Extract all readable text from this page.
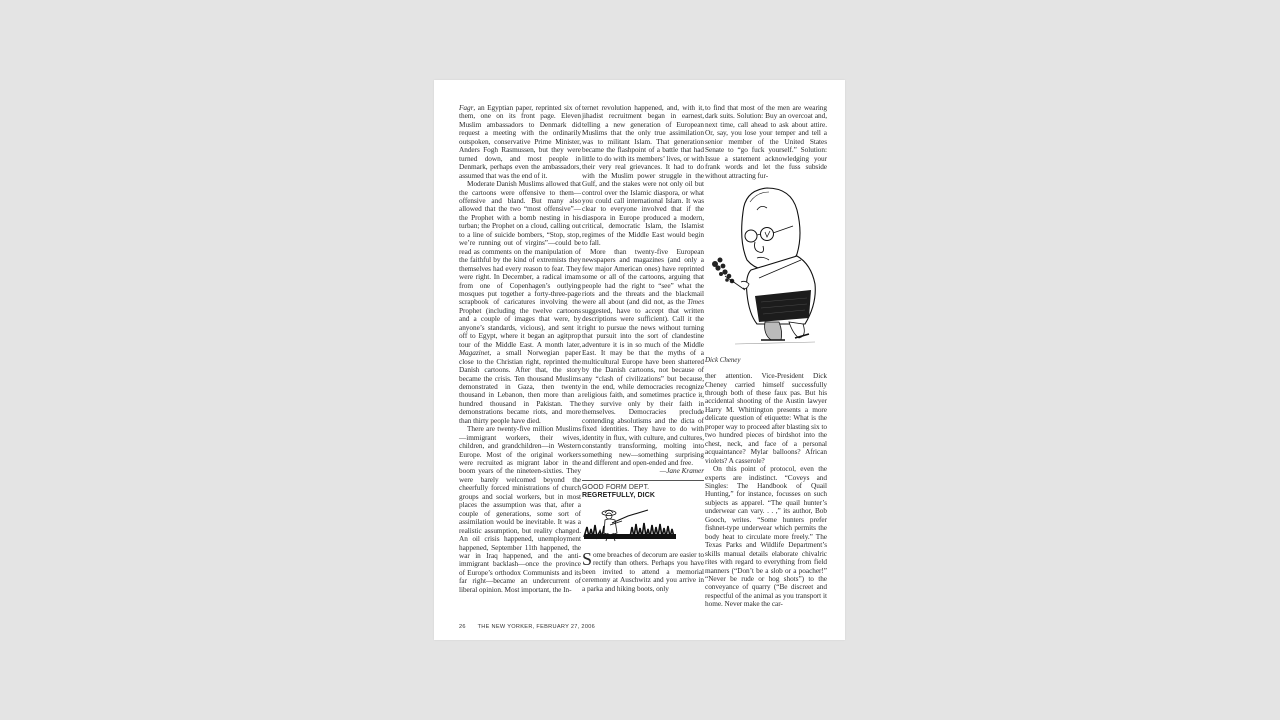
Fagr, an Egyptian paper, reprinted six of them, one on its front page. Eleven Muslim ambassadors to Denmark did request a meeting with the ordinarily outspoken, conservative Prime Minister, Anders Fogh Rasmussen, but they were turned down, and most people in Denmark, perhaps even the ambassadors, assumed that was the end of it.

Moderate Danish Muslims allowed that the cartoons were offensive to them—offensive and bland. But many also allowed that the two “most offensive”—the Prophet with a bomb nesting in his turban; the Prophet on a cloud, calling out to a line of suicide bombers, “Stop, stop, we’re running out of virgins”—could be read as comments on the manipulation of the faithful by the kind of extremists they themselves had every reason to fear. They were right. In December, a radical imam from one of Copenhagen’s outlying mosques put together a forty-three-page scrapbook of caricatures involving the Prophet (including the twelve cartoons and a couple of images that were, by anyone’s standards, vicious), and sent it off to Egypt, where it began an agitprop tour of the Middle East. A month later, Magazinet, a small Norwegian paper close to the Christian right, reprinted the Danish cartoons. After that, the story became the crisis. Ten thousand Muslims demonstrated in Gaza, then twenty thousand in Lebanon, then more than a hundred thousand in Pakistan. The demonstrations became riots, and more than thirty people have died.

There are twenty-five million Muslims—immigrant workers, their wives, children, and grandchildren—in Western Europe. Most of the original workers were recruited as migrant labor in the boom years of the nineteen-sixties. They were barely welcomed beyond the cheerfully forced ministrations of church groups and social workers, but in most places the assumption was that, after a couple of generations, some sort of assimilation would be inevitable. It was a realistic assumption, but reality changed. An oil crisis happened, unemployment happened, September 11th happened, the war in Iraq happened, and the anti-immigrant backlash—once the province of Europe’s orthodox Communists and its far right—became an undercurrent of liberal opinion. Most important, the In-

ternet revolution happened, and, with it, jihadist recruitment began in earnest, telling a new generation of European Muslims that the only true assimilation was to militant Islam. That generation became the flashpoint of a battle that had little to do with its members’ lives, or with their very real grievances. It had to do with the Muslim power struggle in the Gulf, and the stakes were not only oil but control over the Islamic diaspora, or what you could call international Islam. It was clear to everyone involved that if the diaspora in Europe produced a modern, critical, democratic Islam, the Islamist regimes of the Middle East would begin to fall.

More than twenty-five European newspapers and magazines (and only a few major American ones) have reprinted some or all of the cartoons, arguing that people had the right to “see” what the riots and the threats and the blackmail were all about (and did not, as the Times suggested, have to accept that written descriptions were sufficient). Call it the right to pursue the news without turning that pursuit into the sort of clandestine adventure it is in so much of the Middle East. It may be that the myths of a multicultural Europe have been shattered by the Danish cartoons, not because of any “clash of civilizations” but because, in the end, while democracies recognize religious faith, and sometimes practice it, they survive only by their faith in themselves. Democracies preclude contending absolutisms and the dicta of fixed identities. They have to do with identity in flux, with culture, and cultures, constantly transforming, molting into something new—something surprising and different and open-ended and free.

—Jane Kramer

GOOD FORM DEPT.
REGRETFULLY, DICK

Some breaches of decorum are easier to rectify than others. Perhaps you have been invited to attend a memorial ceremony at Auschwitz and you arrive in a parka and hiking boots, only

to find that most of the men are wearing dark suits. Solution: Buy an overcoat and, next time, call ahead to ask about attire. Or, say, you lose your temper and tell a senior member of the United States Senate to “go fuck yourself.” Solution: Issue a statement acknowledging your frank words and let the fuss subside without attracting fur-

Dick Cheney

ther attention. Vice-President Dick Cheney carried himself successfully through both of these faux pas. But his accidental shooting of the Austin lawyer Harry M. Whittington presents a more delicate question of etiquette: What is the proper way to proceed after blasting six to two hundred pieces of birdshot into the chest, neck, and face of a personal acquaintance? Mylar balloons? African violets? A casserole?

On this point of protocol, even the experts are indistinct. “Coveys and Singles: The Handbook of Quail Hunting,” for instance, focusses on such subjects as apparel. “The quail hunter’s underwear can vary. . . ,” its author, Bob Gooch, writes. “Some hunters prefer fishnet-type underwear which permits the body heat to circulate more freely.” The Texas Parks and Wildlife Department’s skills manual details elaborate chivalric rites with regard to everything from field manners (“Don’t be a slob or a poacher!” “Never be rude or hog shots”) to the conveyance of quarry (“Be discreet and respectful of the animal as you transport it home. Never make the car-

26 THE NEW YORKER, FEBRUARY 27, 2006
